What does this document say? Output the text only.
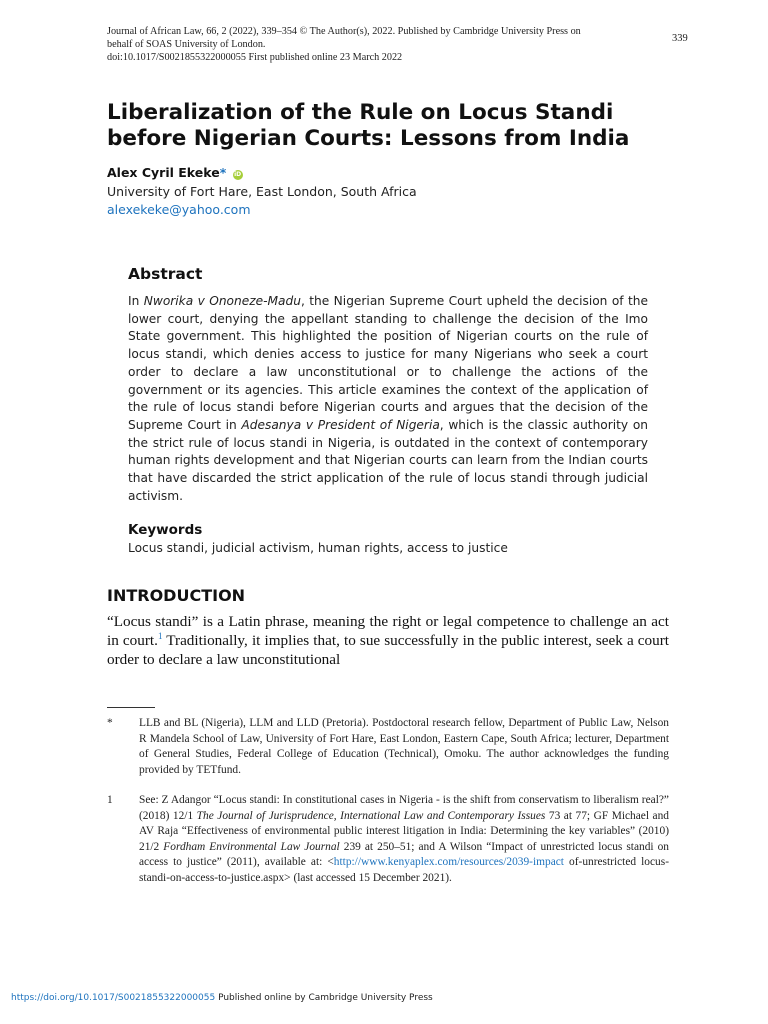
Journal of African Law, 66, 2 (2022), 339–354 © The Author(s), 2022. Published by Cambridge University Press on
behalf of SOAS University of London.
doi:10.1017/S0021855322000055 First published online 23 March 2022
339
Liberalization of the Rule on Locus Standi
before Nigerian Courts: Lessons from India
Alex Cyril Ekeke* iD
University of Fort Hare, East London, South Africa
alexekeke@yahoo.com
Abstract
In Nworika v Ononeze-Madu, the Nigerian Supreme Court upheld the decision of the lower court, denying the appellant standing to challenge the decision of the Imo State government. This highlighted the position of Nigerian courts on the rule of locus standi, which denies access to justice for many Nigerians who seek a court order to declare a law unconstitutional or to challenge the actions of the government or its agencies. This article examines the context of the application of the rule of locus standi before Nigerian courts and argues that the decision of the Supreme Court in Adesanya v President of Nigeria, which is the classic authority on the strict rule of locus standi in Nigeria, is outdated in the context of contemporary human rights development and that Nigerian courts can learn from the Indian courts that have discarded the strict application of the rule of locus standi through judicial activism.
Keywords
Locus standi, judicial activism, human rights, access to justice
INTRODUCTION
“Locus standi” is a Latin phrase, meaning the right or legal competence to challenge an act in court.$^1$ Traditionally, it implies that, to sue successfully in the public interest, seek a court order to declare a law unconstitutional
* LLB and BL (Nigeria), LLM and LLD (Pretoria). Postdoctoral research fellow, Department of Public Law, Nelson R Mandela School of Law, University of Fort Hare, East London, Eastern Cape, South Africa; lecturer, Department of General Studies, Federal College of Education (Technical), Omoku. The author acknowledges the funding provided by TETfund.
1 See: Z Adangor “Locus standi: In constitutional cases in Nigeria - is the shift from conservatism to liberalism real?” (2018) 12/1 The Journal of Jurisprudence, International Law and Contemporary Issues 73 at 77; GF Michael and AV Raja “Effectiveness of environmental public interest litigation in India: Determining the key variables” (2010) 21/2 Fordham Environmental Law Journal 239 at 250–51; and A Wilson “Impact of unrestricted locus standi on access to justice” (2011), available at: <http://www.kenyaplex.com/resources/2039-impact of-unrestricted locus-standi-on-access-to-justice.aspx> (last accessed 15 December 2021).
https://doi.org/10.1017/S0021855322000055 Published online by Cambridge University Press
